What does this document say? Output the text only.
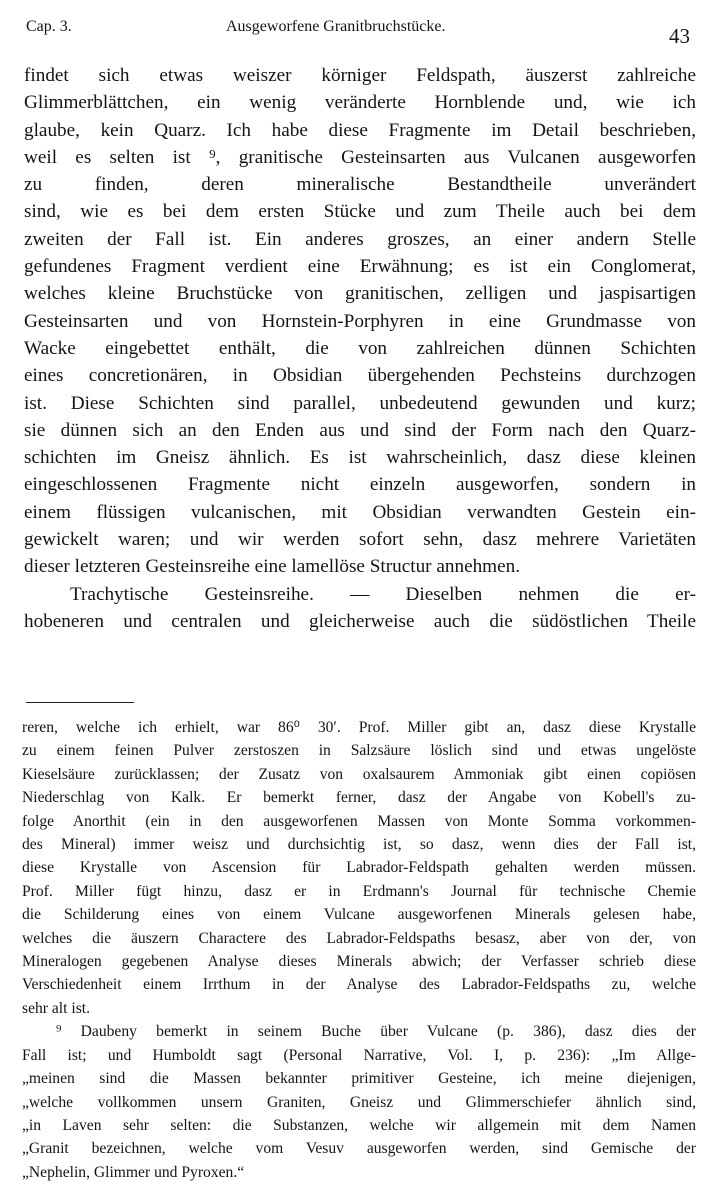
Cap. 3.	Ausgeworfene Granitbruchstücke.	43
findet sich etwas weiszer körniger Feldspath, äuszerst zahlreiche
Glimmerblättchen, ein wenig veränderte Hornblende und, wie ich
glaube, kein Quarz. Ich habe diese Fragmente im Detail beschrieben,
weil es selten ist ⁹, granitische Gesteinsarten aus Vulcanen ausgeworfen
zu finden, deren mineralische Bestandtheile unverändert
sind, wie es bei dem ersten Stücke und zum Theile auch bei dem
zweiten der Fall ist. Ein anderes groszes, an einer andern Stelle
gefundenes Fragment verdient eine Erwähnung; es ist ein Conglomerat,
welches kleine Bruchstücke von granitischen, zelligen und jaspisartigen
Gesteinsarten und von Hornstein-Porphyren in eine Grundmasse von
Wacke eingebettet enthält, die von zahlreichen dünnen Schichten
eines concretionären, in Obsidian übergehenden Pechsteins durchzogen
ist. Diese Schichten sind parallel, unbedeutend gewunden und kurz;
sie dünnen sich an den Enden aus und sind der Form nach den Quarz-
schichten im Gneisz ähnlich. Es ist wahrscheinlich, dasz diese kleinen
eingeschlossenen Fragmente nicht einzeln ausgeworfen, sondern in
einem flüssigen vulcanischen, mit Obsidian verwandten Gestein ein-
gewickelt waren; und wir werden sofort sehn, dasz mehrere Varietäten
dieser letzteren Gesteinsreihe eine lamellöse Structur annehmen.
Trachytische Gesteinsreihe. — Dieselben nehmen die er-
hobeneren und centralen und gleicherweise auch die südöstlichen Theile
reren, welche ich erhielt, war 86⁰ 30′. Prof. Miller gibt an, dasz diese Krystalle
zu einem feinen Pulver zerstoszen in Salzsäure löslich sind und etwas ungelöste
Kieselsäure zurücklassen; der Zusatz von oxalsaurem Ammoniak gibt einen copiösen
Niederschlag von Kalk. Er bemerkt ferner, dasz der Angabe von Kobell's zu-
folge Anorthit (ein in den ausgeworfenen Massen von Monte Somma vorkommen-
des Mineral) immer weisz und durchsichtig ist, so dasz, wenn dies der Fall ist,
diese Krystalle von Ascension für Labrador-Feldspath gehalten werden müssen.
Prof. Miller fügt hinzu, dasz er in Erdmann's Journal für technische Chemie
die Schilderung eines von einem Vulcane ausgeworfenen Minerals gelesen habe,
welches die äuszern Charactere des Labrador-Feldspaths besasz, aber von der, von
Mineralogen gegebenen Analyse dieses Minerals abwich; der Verfasser schrieb diese
Verschiedenheit einem Irrthum in der Analyse des Labrador-Feldspaths zu, welche
sehr alt ist.
⁹ Daubeny bemerkt in seinem Buche über Vulcane (p. 386), dasz dies der
Fall ist; und Humboldt sagt (Personal Narrative, Vol. I, p. 236): „Im Allge-
„meinen sind die Massen bekannter primitiver Gesteine, ich meine diejenigen,
„welche vollkommen unsern Graniten, Gneisz und Glimmerschiefer ähnlich sind,
„in Laven sehr selten: die Substanzen, welche wir allgemein mit dem Namen
„Granit bezeichnen, welche vom Vesuv ausgeworfen werden, sind Gemische der
„Nephelin, Glimmer und Pyroxen.“
